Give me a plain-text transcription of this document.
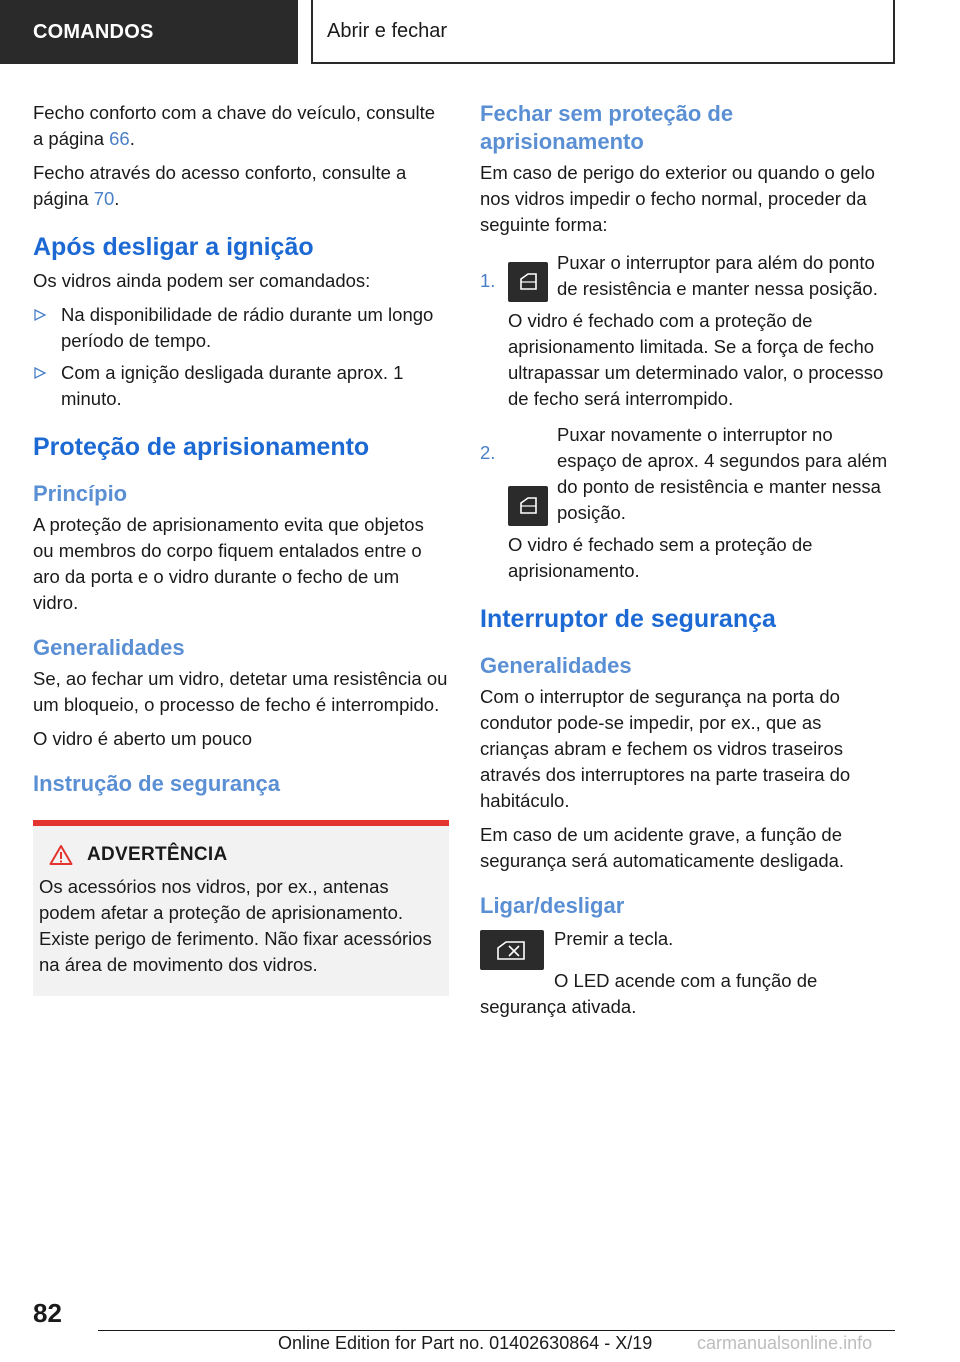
COMANDOS	Abrir e fechar

Fecho conforto com a chave do veículo, consulte a página 66.

Fecho através do acesso conforto, consulte a página 70.

Após desligar a ignição

Os vidros ainda podem ser comandados:

Na disponibilidade de rádio durante um longo período de tempo.
Com a ignição desligada durante aprox. 1 minuto.
Proteção de aprisionamento
Princípio

A proteção de aprisionamento evita que objetos ou membros do corpo fiquem entalados entre o aro da porta e o vidro durante o fecho de um vidro.

Generalidades

Se, ao fechar um vidro, detetar uma resistência ou um bloqueio, o processo de fecho é interrompido.

O vidro é aberto um pouco

Instrução de segurança
ADVERTÊNCIA

Os acessórios nos vidros, por ex., antenas podem afetar a proteção de aprisionamento. Existe perigo de ferimento. Não fixar acessórios na área de movimento dos vidros.

Fechar sem proteção de aprisionamento

Em caso de perigo do exterior ou quando o gelo nos vidros impedir o fecho normal, proceder da seguinte forma:

1.
Puxar o interruptor para além do ponto de resistência e manter nessa posição.

O vidro é fechado com a proteção de aprisionamento limitada. Se a força de fecho ultrapassar um determinado valor, o processo de fecho será interrompido.

2.
Puxar novamente o interruptor no espaço de aprox. 4 segundos para além do ponto de resistência e manter nessa posição.

O vidro é fechado sem a proteção de aprisionamento.

Interruptor de segurança
Generalidades

Com o interruptor de segurança na porta do condutor pode-se impedir, por ex., que as crianças abram e fechem os vidros traseiros através dos interruptores na parte traseira do habitáculo.

Em caso de um acidente grave, a função de segurança será automaticamente desligada.

Ligar/desligar

Premir a tecla.

O LED acende com a função de segurança ativada.

82
Online Edition for Part no. 01402630864 - X/19 carmanualsonline.info
